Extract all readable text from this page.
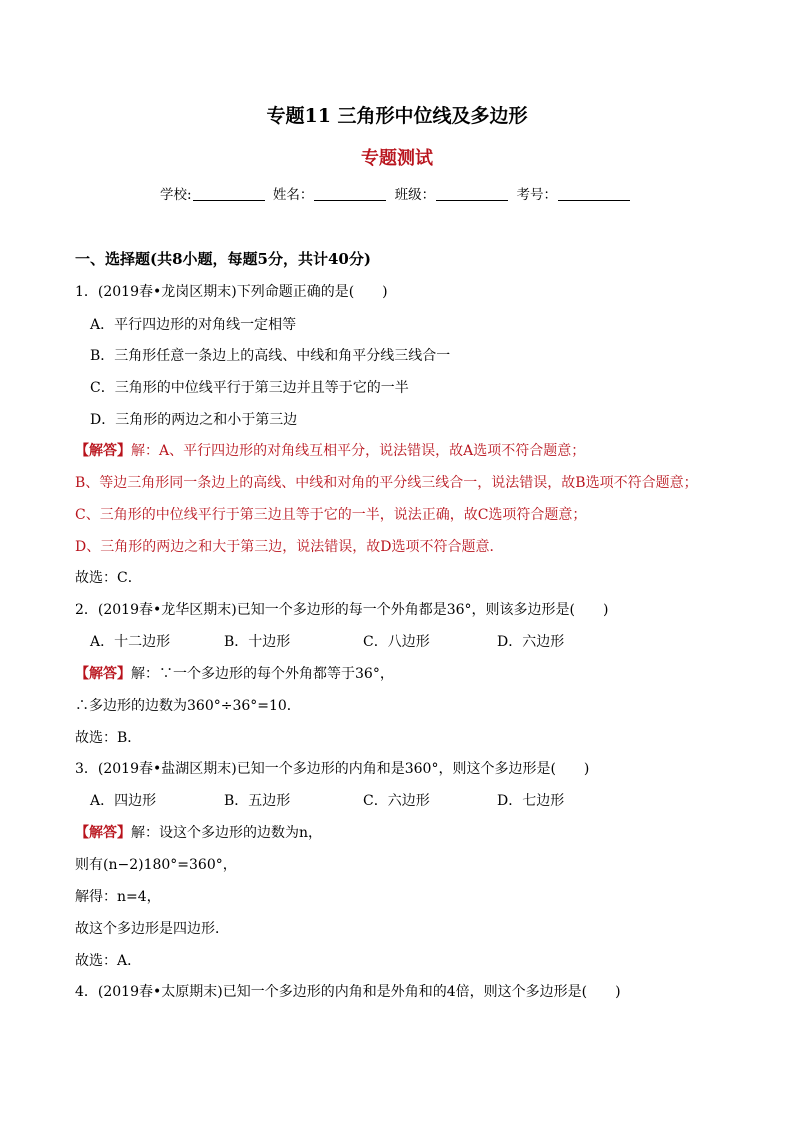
专题11 三角形中位线及多边形
专题测试
学校:	姓名：	班级：	考号：
一、选择题(共8小题，每题5分，共计40分)
1．(2019春•龙岗区期末)下列命题正确的是(　　)
A．平行四边形的对角线一定相等
B．三角形任意一条边上的高线、中线和角平分线三线合一
C．三角形的中位线平行于第三边并且等于它的一半
D．三角形的两边之和小于第三边
【解答】解：A、平行四边形的对角线互相平分，说法错误，故A选项不符合题意；
B、等边三角形同一条边上的高线、中线和对角的平分线三线合一，说法错误，故B选项不符合题意；
C、三角形的中位线平行于第三边且等于它的一半，说法正确，故C选项符合题意；
D、三角形的两边之和大于第三边，说法错误，故D选项不符合题意．
故选：C．
2．(2019春•龙华区期末)已知一个多边形的每一个外角都是36°，则该多边形是(　　)
A．十二边形	B．十边形	C．八边形	D．六边形
【解答】解：∵一个多边形的每个外角都等于36°，
∴多边形的边数为360°÷36°=10．
故选：B．
3．(2019春•盐湖区期末)已知一个多边形的内角和是360°，则这个多边形是(　　)
A．四边形	B．五边形	C．六边形	D．七边形
【解答】解：设这个多边形的边数为n，
则有(n−2)180°=360°，
解得：n=4，
故这个多边形是四边形．
故选：A．
4．(2019春•太原期末)已知一个多边形的内角和是外角和的4倍，则这个多边形是(　　)
